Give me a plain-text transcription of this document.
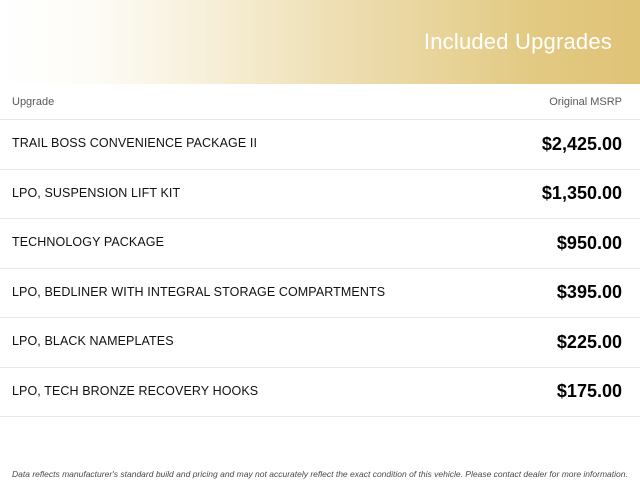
Included Upgrades
Upgrade	Original MSRP
TRAIL BOSS CONVENIENCE PACKAGE II	$2,425.00
LPO, SUSPENSION LIFT KIT	$1,350.00
TECHNOLOGY PACKAGE	$950.00
LPO, BEDLINER WITH INTEGRAL STORAGE COMPARTMENTS	$395.00
LPO, BLACK NAMEPLATES	$225.00
LPO, TECH BRONZE RECOVERY HOOKS	$175.00
Data reflects manufacturer's standard build and pricing and may not accurately reflect the exact condition of this vehicle. Please contact dealer for more information.
